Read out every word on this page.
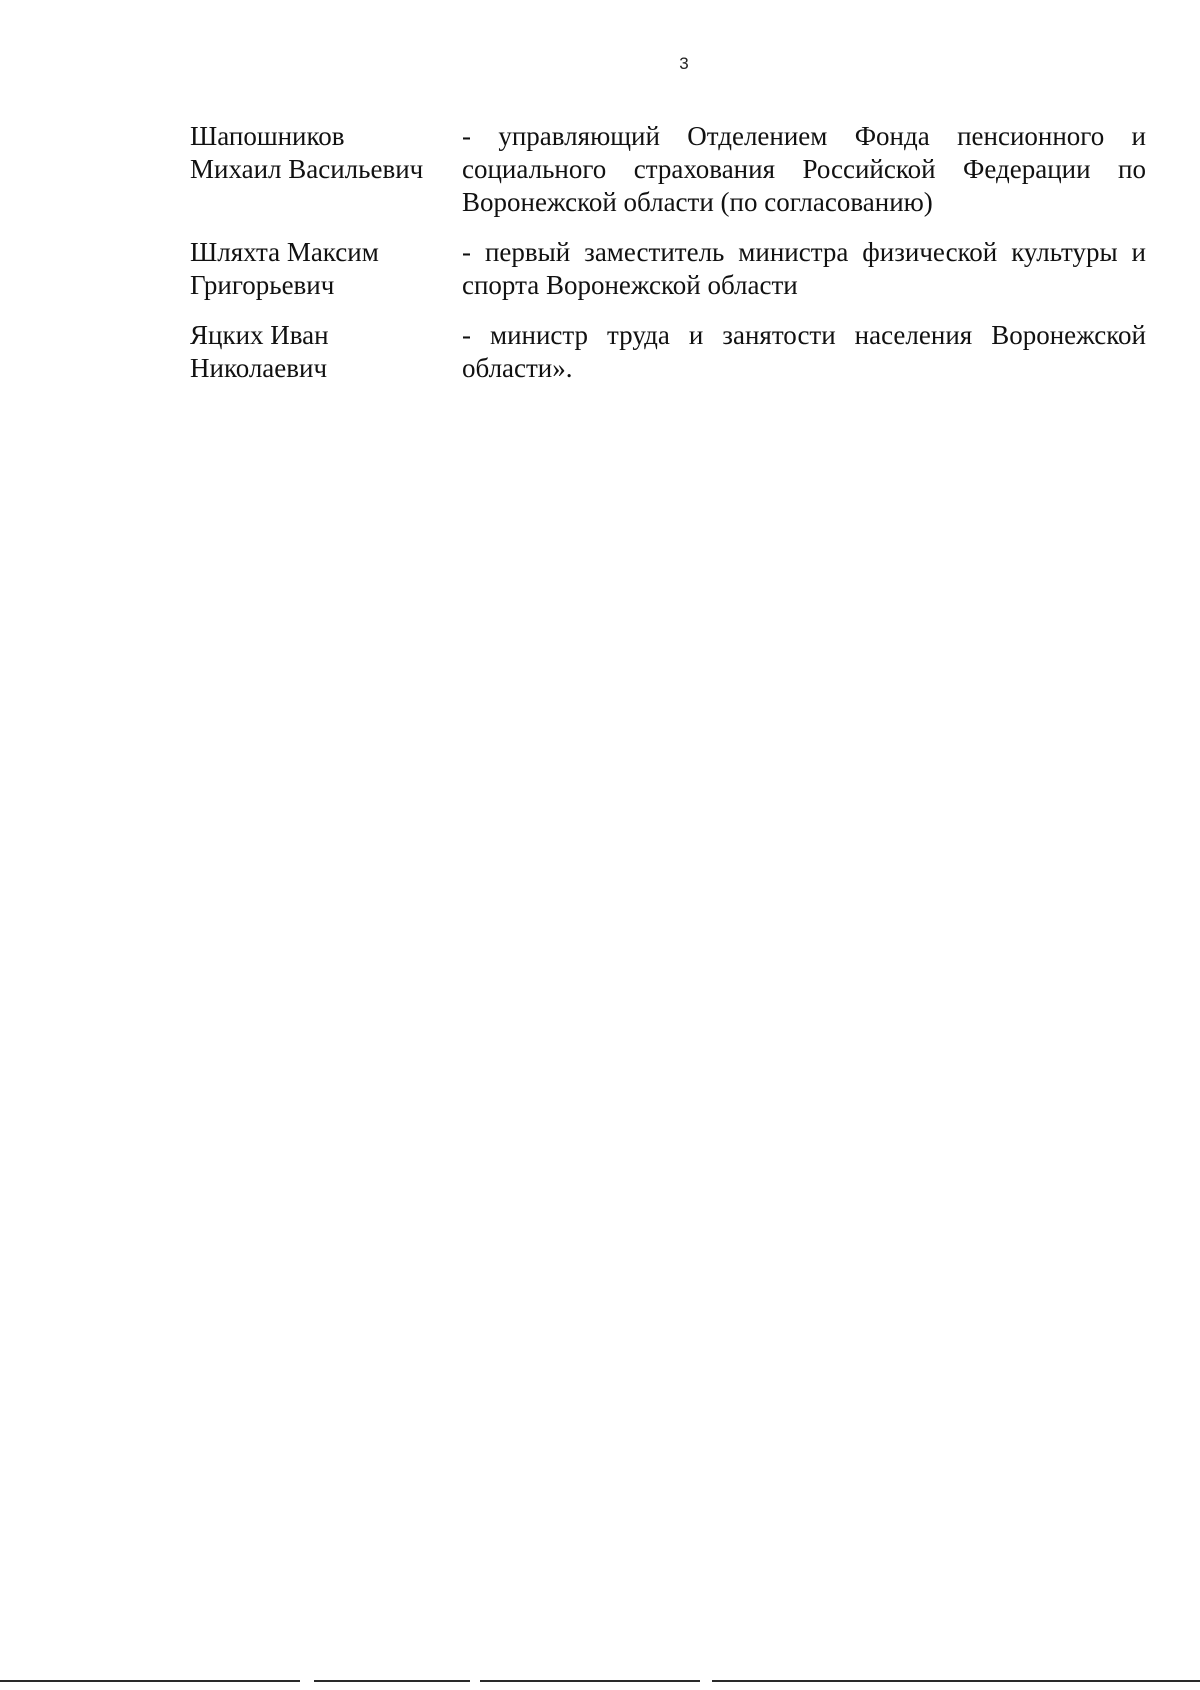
3
Шапошников
Михаил Васильевич
- управляющий Отделением Фонда пенсионного и социального страхования Российской Федерации по Воронежской области (по согласованию)
Шляхта Максим
Григорьевич
- первый заместитель министра физической культуры и спорта Воронежской области
Яцких Иван
Николаевич
- министр труда и занятости населения Воронежской области».
